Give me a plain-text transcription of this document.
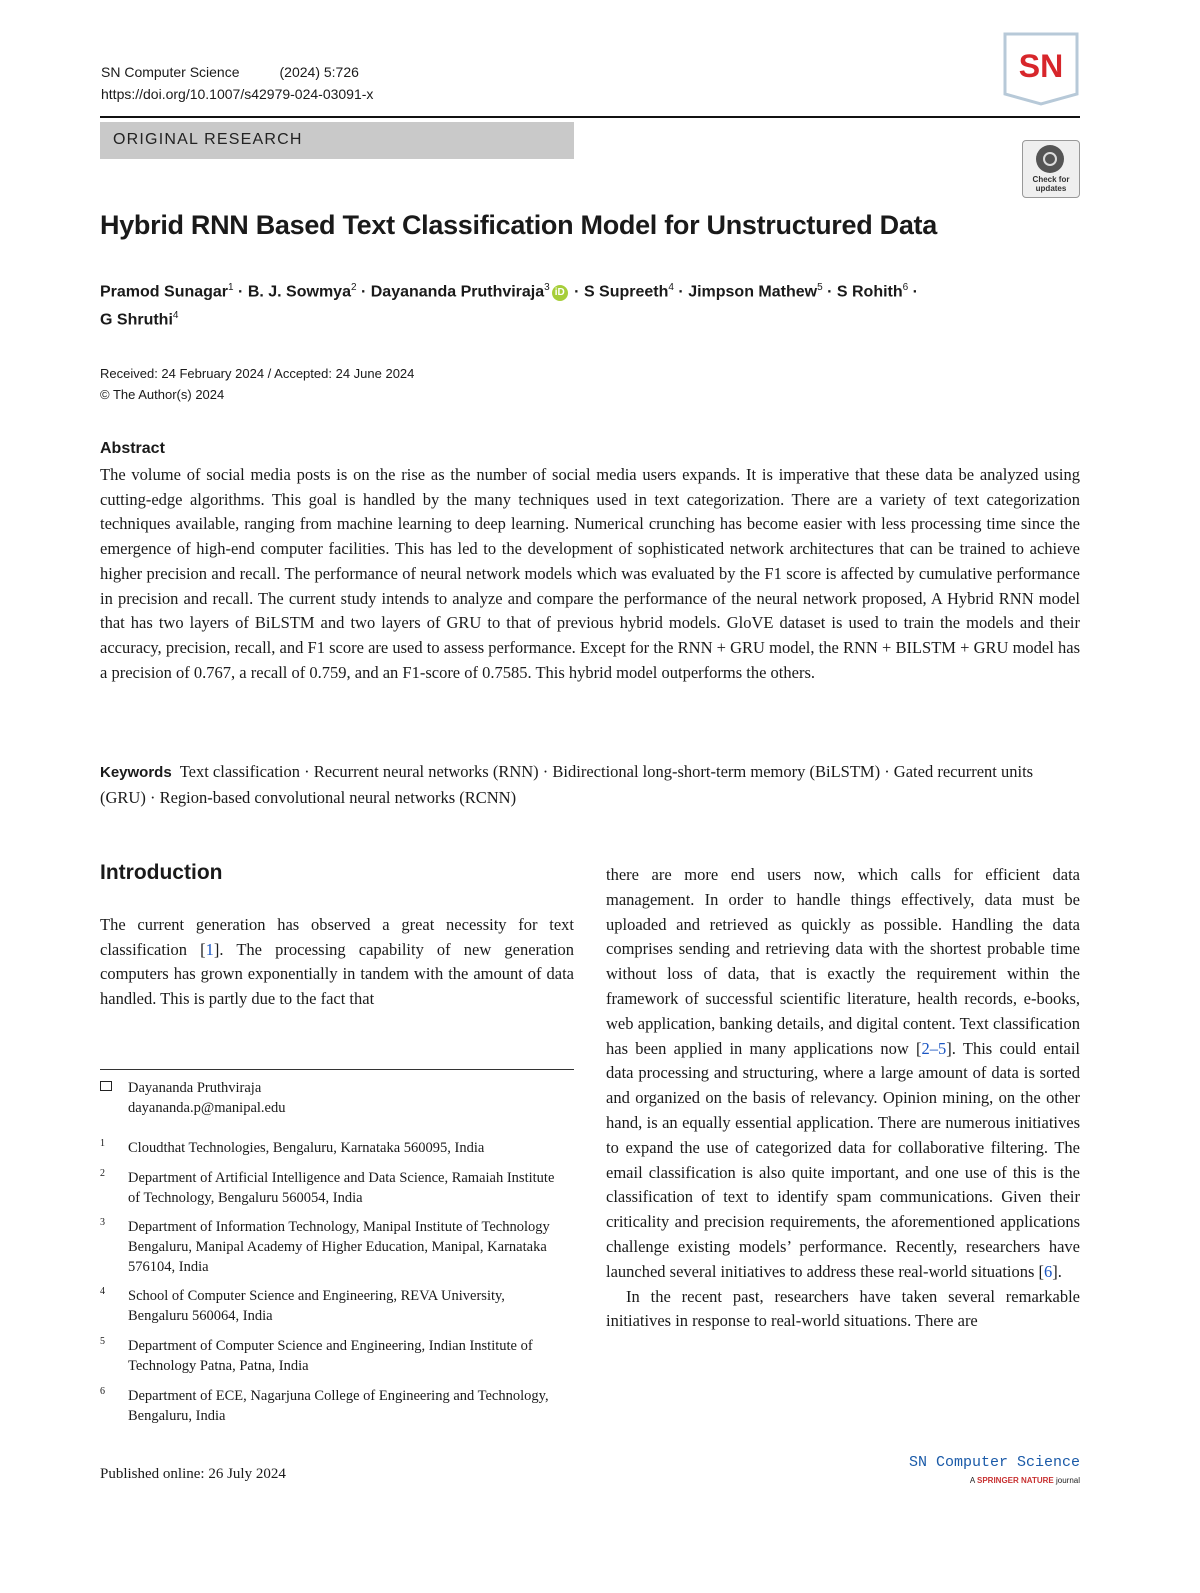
SN Computer Science	(2024) 5:726
https://doi.org/10.1007/s42979-024-03091-x
SN
ORIGINAL RESEARCH
Check for updates
Hybrid RNN Based Text Classification Model for Unstructured Data
Pramod Sunagar$^1$ · B. J. Sowmya$^2$ · Dayananda Pruthviraja$^3$ iD · S Supreeth$^4$ · Jimpson Mathew$^5$ · S Rohith$^6$ ·
G Shruthi$^4$
Received: 24 February 2024 / Accepted: 24 June 2024
© The Author(s) 2024
Abstract
The volume of social media posts is on the rise as the number of social media users expands. It is imperative that these data be analyzed using cutting-edge algorithms. This goal is handled by the many techniques used in text categorization. There are a variety of text categorization techniques available, ranging from machine learning to deep learning. Numerical crunching has become easier with less processing time since the emergence of high-end computer facilities. This has led to the development of sophisticated network architectures that can be trained to achieve higher precision and recall. The performance of neural network models which was evaluated by the F1 score is affected by cumulative performance in precision and recall. The current study intends to analyze and compare the performance of the neural network proposed, A Hybrid RNN model that has two layers of BiLSTM and two layers of GRU to that of previous hybrid models. GloVE dataset is used to train the models and their accuracy, precision, recall, and F1 score are used to assess performance. Except for the RNN + GRU model, the RNN + BILSTM + GRU model has a precision of 0.767, a recall of 0.759, and an F1-score of 0.7585. This hybrid model outperforms the others.
Keywords Text classification · Recurrent neural networks (RNN) · Bidirectional long-short-term memory (BiLSTM) · Gated recurrent units (GRU) · Region-based convolutional neural networks (RCNN)
Introduction
The current generation has observed a great necessity for text classification [1]. The processing capability of new generation computers has grown exponentially in tandem with the amount of data handled. This is partly due to the fact that

there are more end users now, which calls for efficient data management. In order to handle things effectively, data must be uploaded and retrieved as quickly as possible. Handling the data comprises sending and retrieving data with the shortest probable time without loss of data, that is exactly the requirement within the framework of successful scientific literature, health records, e-books, web application, banking details, and digital content. Text classification has been applied in many applications now [2–5]. This could entail data processing and structuring, where a large amount of data is sorted and organized on the basis of relevancy. Opinion mining, on the other hand, is an equally essential application. There are numerous initiatives to expand the use of categorized data for collaborative filtering. The email classification is also quite important, and one use of this is the classification of text to identify spam communications. Given their criticality and precision requirements, the aforementioned applications challenge existing models’ performance. Recently, researchers have launched several initiatives to address these real-world situations [6].

In the recent past, researchers have taken several remarkable initiatives in response to real-world situations. There are

Dayananda Pruthviraja
dayananda.p@manipal.edu
1 Cloudthat Technologies, Bengaluru, Karnataka 560095, India
2 Department of Artificial Intelligence and Data Science, Ramaiah Institute of Technology, Bengaluru 560054, India
3 Department of Information Technology, Manipal Institute of Technology Bengaluru, Manipal Academy of Higher Education, Manipal, Karnataka 576104, India
4 School of Computer Science and Engineering, REVA University, Bengaluru 560064, India
5 Department of Computer Science and Engineering, Indian Institute of Technology Patna, Patna, India
6 Department of ECE, Nagarjuna College of Engineering and Technology, Bengaluru, India
Published online: 26 July 2024
SN Computer Science
A SPRINGER NATURE journal
